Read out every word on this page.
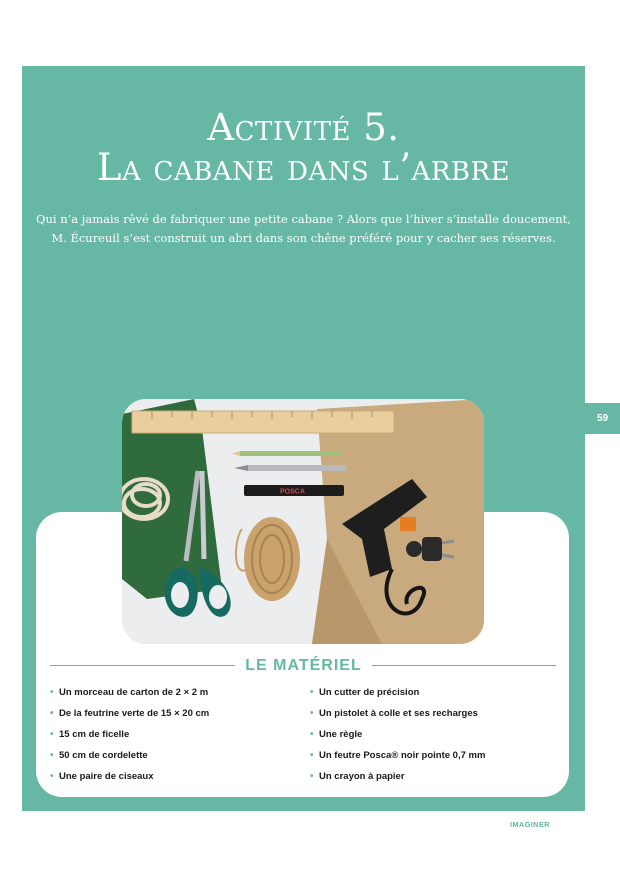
Activité 5.
La cabane dans l’arbre

Qui n’a jamais rêvé de fabriquer une petite cabane ? Alors que l’hiver s’installe doucement,

M. Écureuil s’est construit un abri dans son chêne préféré pour y cacher ses réserves.

59
POSCA
LE MATÉRIEL
• Un morceau de carton de 2 × 2 m
• De la feutrine verte de 15 × 20 cm
• 15 cm de ficelle
• 50 cm de cordelette
• Une paire de ciseaux
• Un cutter de précision
• Un pistolet à colle et ses recharges
• Une règle
• Un feutre Posca® noir pointe 0,7 mm
• Un crayon à papier
IMAGINER
